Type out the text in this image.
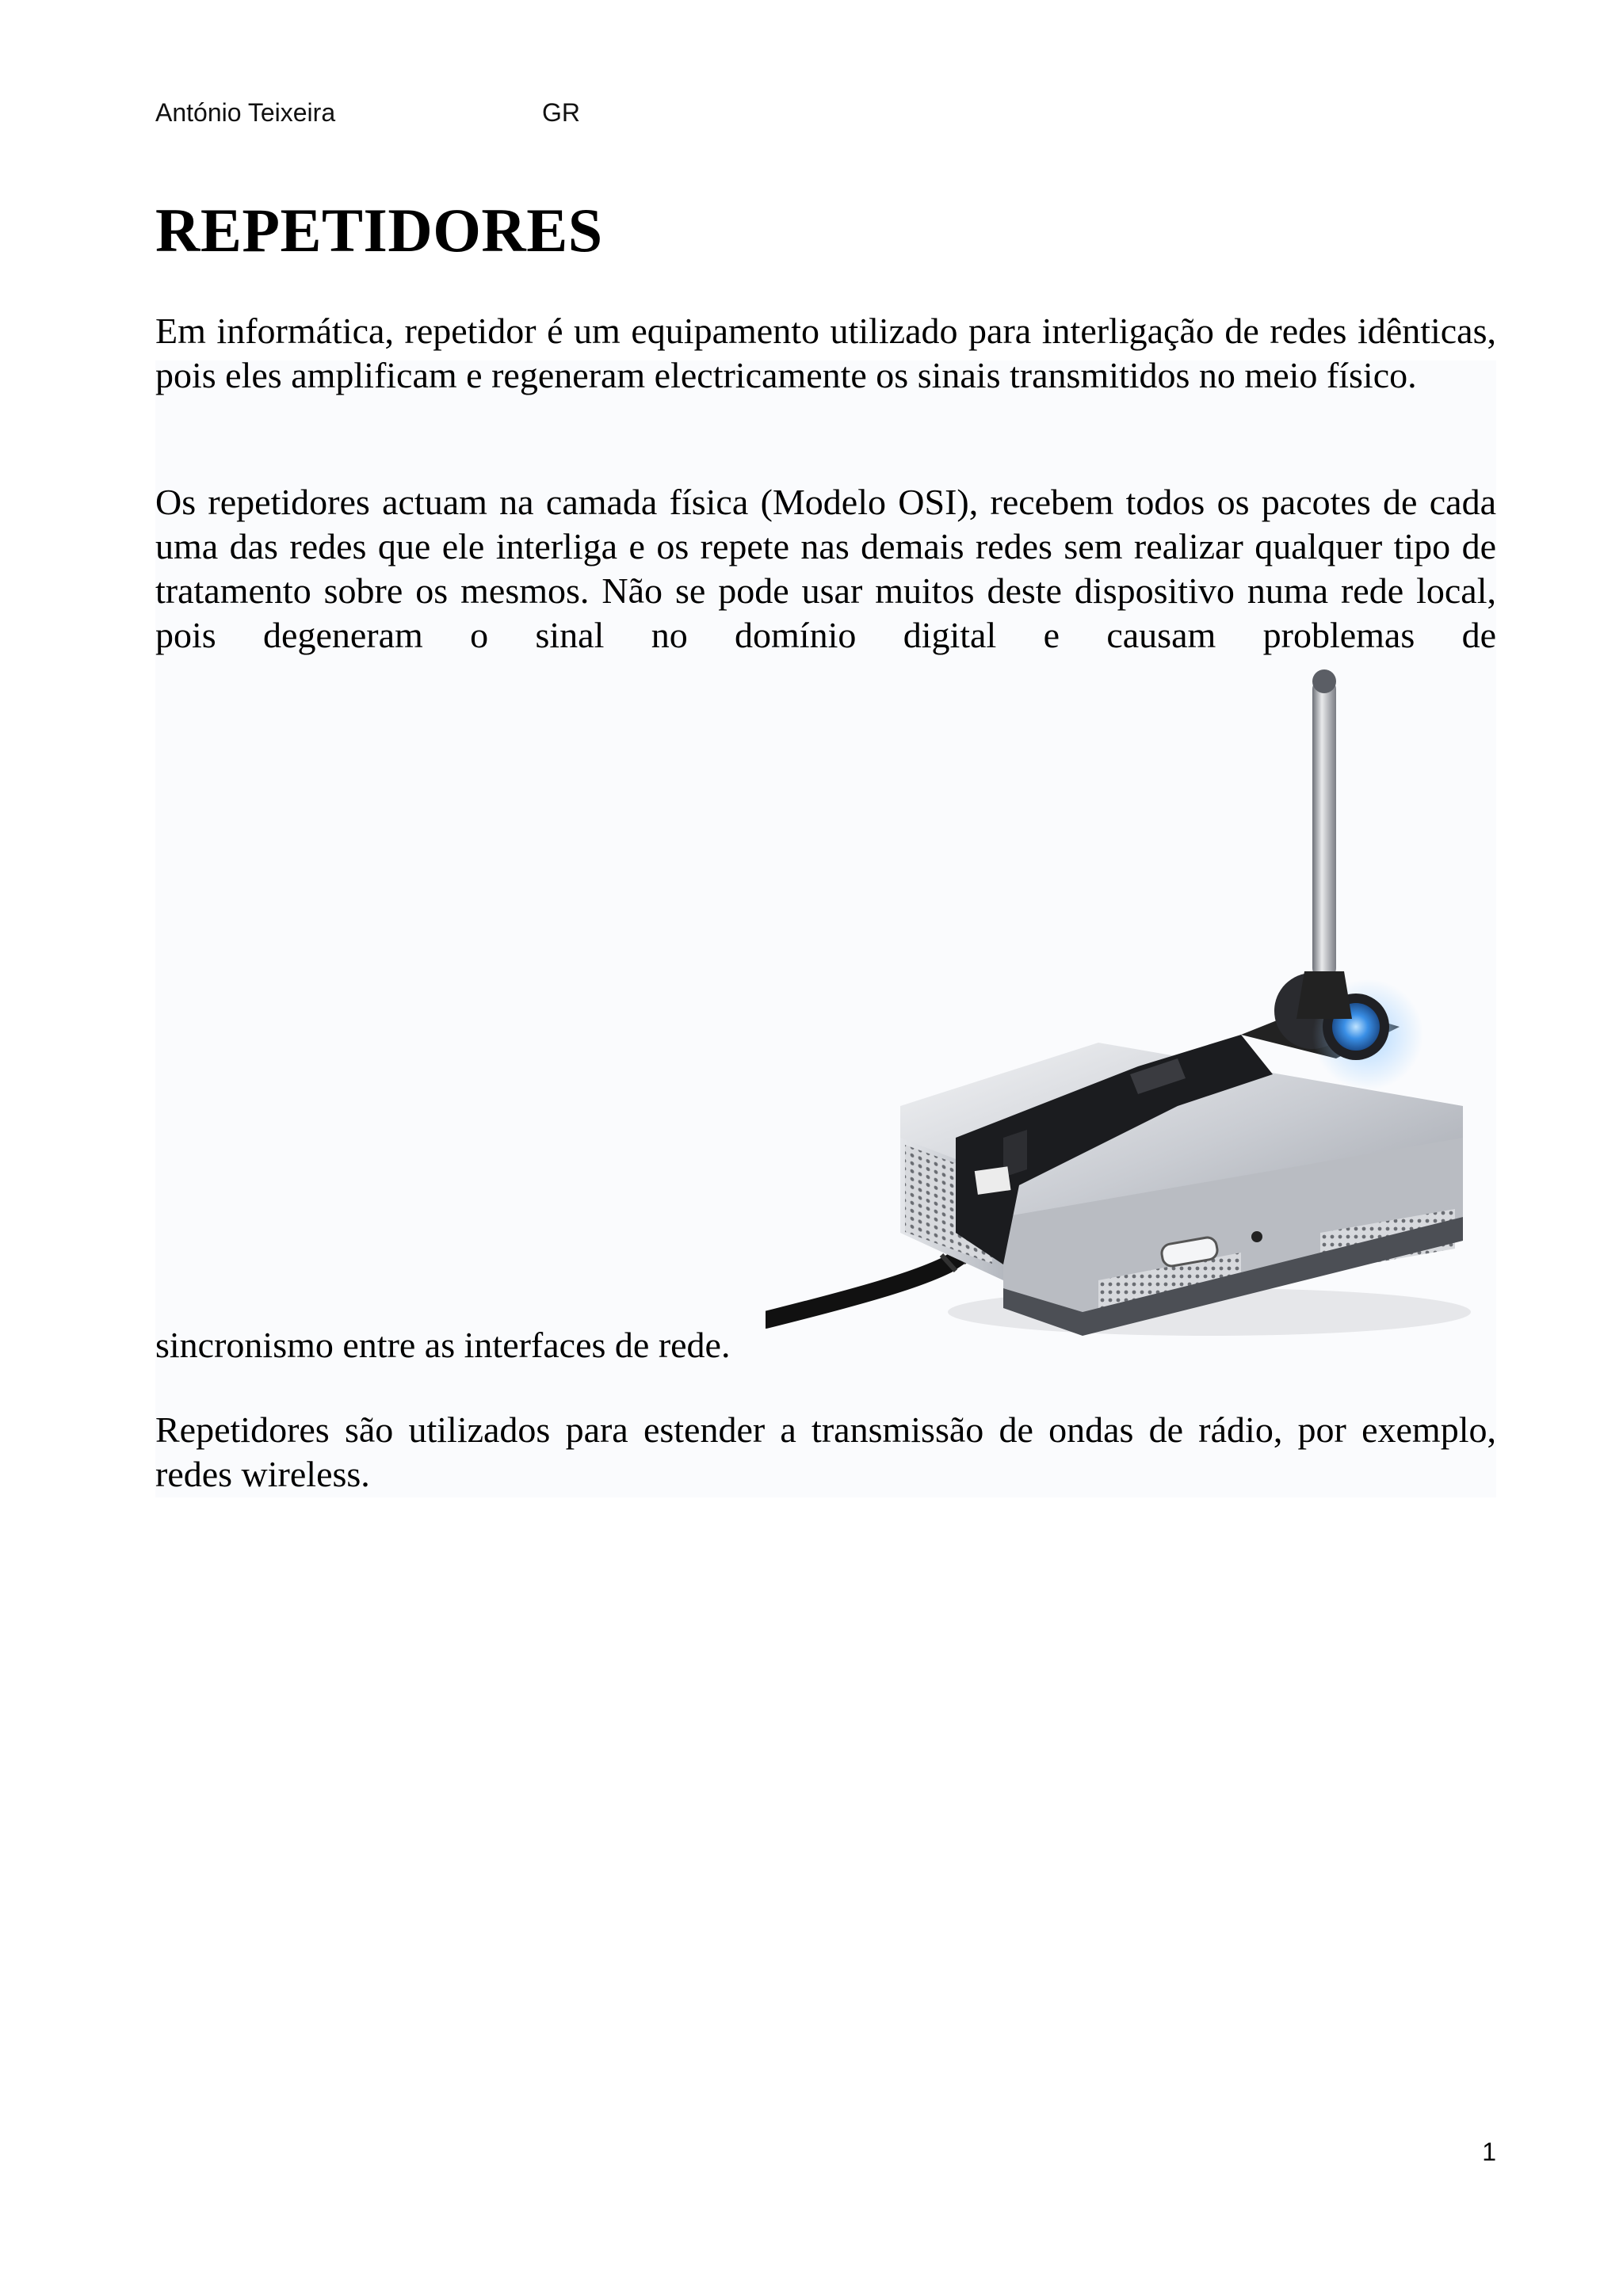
António Teixeira	GR
REPETIDORES

Em informática, repetidor é um equipamento utilizado para interligação de redes idênticas, pois eles amplificam e regeneram electricamente os sinais transmitidos no meio físico.

Os repetidores actuam na camada física (Modelo OSI), recebem todos os pacotes de cada uma das redes que ele interliga e os repete nas demais redes sem realizar qualquer tipo de tratamento sobre os mesmos. Não se pode usar muitos deste dispositivo numa rede local, pois degeneram o sinal no domínio digital e causam problemas de

sincronismo entre as interfaces de rede.

Repetidores são utilizados para estender a transmissão de ondas de rádio, por exemplo, redes wireless.

1
